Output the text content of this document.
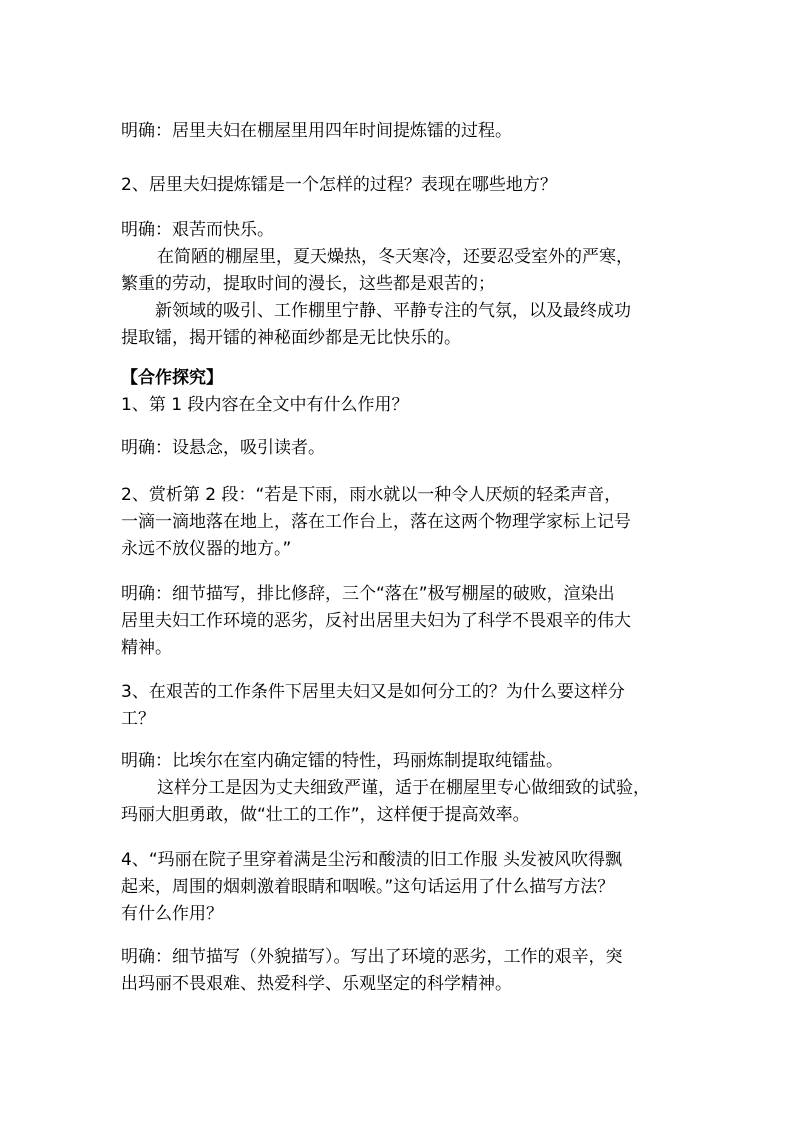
明确：居里夫妇在棚屋里用四年时间提炼镭的过程。

2、居里夫妇提炼镭是一个怎样的过程？表现在哪些地方？

明确：艰苦而快乐。
在简陋的棚屋里，夏天燥热，冬天寒冷，还要忍受室外的严寒，
繁重的劳动，提取时间的漫长，这些都是艰苦的；
新领域的吸引、工作棚里宁静、平静专注的气氛，以及最终成功
提取镭，揭开镭的神秘面纱都是无比快乐的。

【合作探究】
1、第 1 段内容在全文中有什么作用？

明确：设悬念，吸引读者。

2、赏析第 2 段：“若是下雨，雨水就以一种令人厌烦的轻柔声音，
一滴一滴地落在地上，落在工作台上，落在这两个物理学家标上记号
永远不放仪器的地方。”

明确：细节描写，排比修辞，三个“落在”极写棚屋的破败，渲染出
居里夫妇工作环境的恶劣，反衬出居里夫妇为了科学不畏艰辛的伟大
精神。

3、在艰苦的工作条件下居里夫妇又是如何分工的？为什么要这样分
工？

明确：比埃尔在室内确定镭的特性，玛丽炼制提取纯镭盐。
这样分工是因为丈夫细致严谨，适于在棚屋里专心做细致的试验，
玛丽大胆勇敢，做“壮工的工作”，这样便于提高效率。

4、“玛丽在院子里穿着满是尘污和酸渍的旧工作服 头发被风吹得飘
起来，周围的烟刺激着眼睛和咽喉。”这句话运用了什么描写方法？
有什么作用？

明确：细节描写（外貌描写）。写出了环境的恶劣，工作的艰辛，突
出玛丽不畏艰难、热爱科学、乐观坚定的科学精神。
